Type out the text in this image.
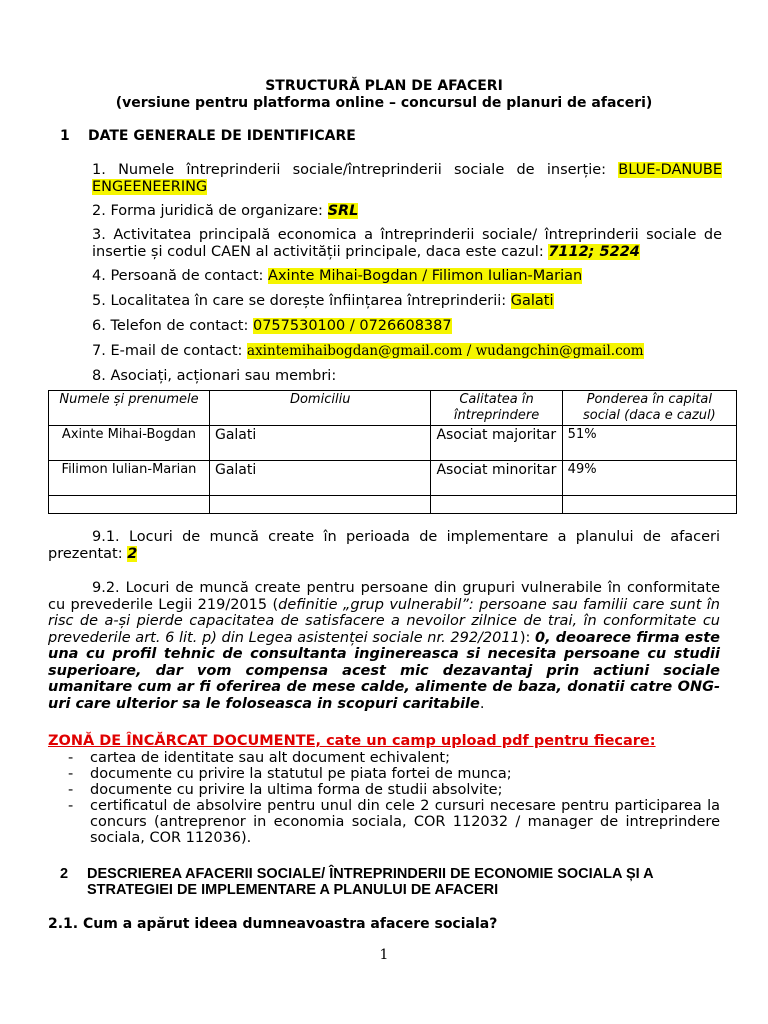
STRUCTURĂ PLAN DE AFACERI
(versiune pentru platforma online – concursul de planuri de afaceri)
1 DATE GENERALE DE IDENTIFICARE
1. Numele întreprinderii sociale/întreprinderii sociale de inserție: BLUE-DANUBE ENGEENEERING
2. Forma juridică de organizare: SRL
3. Activitatea principală economica a întreprinderii sociale/ întreprinderii sociale de insertie și codul CAEN al activității principale, daca este cazul: 7112; 5224
4. Persoană de contact: Axinte Mihai-Bogdan / Filimon Iulian-Marian
5. Localitatea în care se dorește înființarea întreprinderii: Galati
6. Telefon de contact: 0757530100 / 0726608387
7. E-mail de contact: axintemihaibogdan@gmail.com / wudangchin@gmail.com
8. Asociați, acționari sau membri:
Numele și prenumele	Domiciliu	Calitatea în întreprindere	Ponderea în capital social (daca e cazul)
Axinte Mihai-Bogdan	Galati	Asociat majoritar	51%
Filimon Iulian-Marian	Galati	Asociat minoritar	49%

9.1. Locuri de muncă create în perioada de implementare a planului de afaceri prezentat: 2
9.2. Locuri de muncă create pentru persoane din grupuri vulnerabile în conformitate cu prevederile Legii 219/2015 (definitie „grup vulnerabil”: persoane sau familii care sunt în risc de a-și pierde capacitatea de satisfacere a nevoilor zilnice de trai, în conformitate cu prevederile art. 6 lit. p) din Legea asistenței sociale nr. 292/2011): 0, deoarece firma este una cu profil tehnic de consultanta inginereasca si necesita persoane cu studii superioare, dar vom compensa acest mic dezavantaj prin actiuni sociale umanitare cum ar fi oferirea de mese calde, alimente de baza, donatii catre ONG-uri care ulterior sa le foloseasca in scopuri caritabile.
ZONĂ DE ÎNCĂRCAT DOCUMENTE, cate un camp upload pdf pentru fiecare:
- cartea de identitate sau alt document echivalent;
- documente cu privire la statutul pe piata fortei de munca;
- documente cu privire la ultima forma de studii absolvite;
- certificatul de absolvire pentru unul din cele 2 cursuri necesare pentru participarea la concurs (antreprenor in economia sociala, COR 112032 / manager de intreprindere sociala, COR 112036).
2 DESCRIEREA AFACERII SOCIALE/ ÎNTREPRINDERII DE ECONOMIE SOCIALA ȘI A STRATEGIEI DE IMPLEMENTARE A PLANULUI DE AFACERI
2.1. Cum a apărut ideea dumneavoastra afacere sociala?
1
